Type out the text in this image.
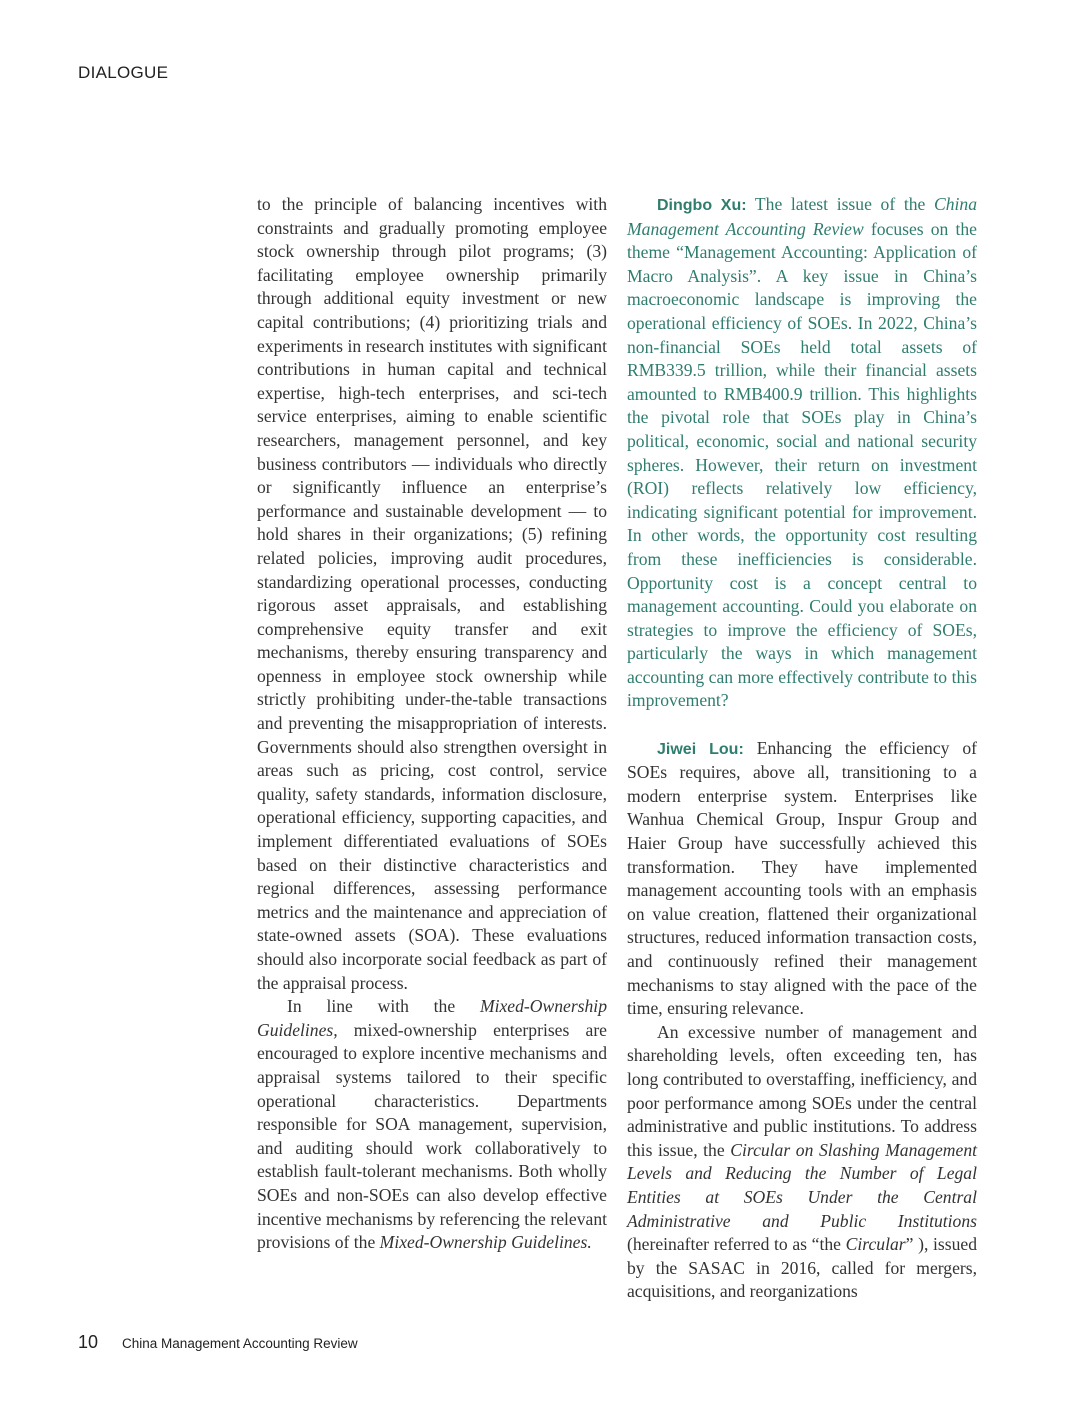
DIALOGUE

to the principle of balancing incentives with constraints and gradually promoting employee stock ownership through pilot programs; (3) facilitating employee ownership primarily through additional equity investment or new capital contributions; (4) prioritizing trials and experiments in research institutes with significant contributions in human capital and technical expertise, high-tech enterprises, and sci-tech service enterprises, aiming to enable scientific researchers, management personnel, and key business contributors — individuals who directly or significantly influence an enterprise’s performance and sustainable development — to hold shares in their organizations; (5) refining related policies, improving audit procedures, standardizing operational processes, conducting rigorous asset appraisals, and establishing comprehensive equity transfer and exit mechanisms, thereby ensuring transparency and openness in employee stock ownership while strictly prohibiting under-the-table transactions and preventing the misappropriation of interests. Governments should also strengthen oversight in areas such as pricing, cost control, service quality, safety standards, information disclosure, operational efficiency, supporting capacities, and implement differentiated evaluations of SOEs based on their distinctive characteristics and regional differences, assessing performance metrics and the maintenance and appreciation of state-owned assets (SOA). These evaluations should also incorporate social feedback as part of the appraisal process.

In line with the Mixed-Ownership Guidelines, mixed-ownership enterprises are encouraged to explore incentive mechanisms and appraisal systems tailored to their specific operational characteristics. Departments responsible for SOA management, supervision, and auditing should work collaboratively to establish fault-tolerant mechanisms. Both wholly SOEs and non-SOEs can also develop effective incentive mechanisms by referencing the relevant provisions of the Mixed-Ownership Guidelines.

Dingbo Xu: The latest issue of the China Management Accounting Review focuses on the theme “Management Accounting: Application of Macro Analysis”. A key issue in China’s macroeconomic landscape is improving the operational efficiency of SOEs. In 2022, China’s non-financial SOEs held total assets of RMB339.5 trillion, while their financial assets amounted to RMB400.9 trillion. This highlights the pivotal role that SOEs play in China’s political, economic, social and national security spheres. However, their return on investment (ROI) reflects relatively low efficiency, indicating significant potential for improvement. In other words, the opportunity cost resulting from these inefficiencies is considerable. Opportunity cost is a concept central to management accounting. Could you elaborate on strategies to improve the efficiency of SOEs, particularly the ways in which management accounting can more effectively contribute to this improvement?

Jiwei Lou: Enhancing the efficiency of SOEs requires, above all, transitioning to a modern enterprise system. Enterprises like Wanhua Chemical Group, Inspur Group and Haier Group have successfully achieved this transformation. They have implemented management accounting tools with an emphasis on value creation, flattened their organizational structures, reduced information transaction costs, and continuously refined their management mechanisms to stay aligned with the pace of the time, ensuring relevance.

An excessive number of management and shareholding levels, often exceeding ten, has long contributed to overstaffing, inefficiency, and poor performance among SOEs under the central administrative and public institutions. To address this issue, the Circular on Slashing Management Levels and Reducing the Number of Legal Entities at SOEs Under the Central Administrative and Public Institutions (hereinafter referred to as “the Circular” ), issued by the SASAC in 2016, called for mergers, acquisitions, and reorganizations

10 China Management Accounting Review
